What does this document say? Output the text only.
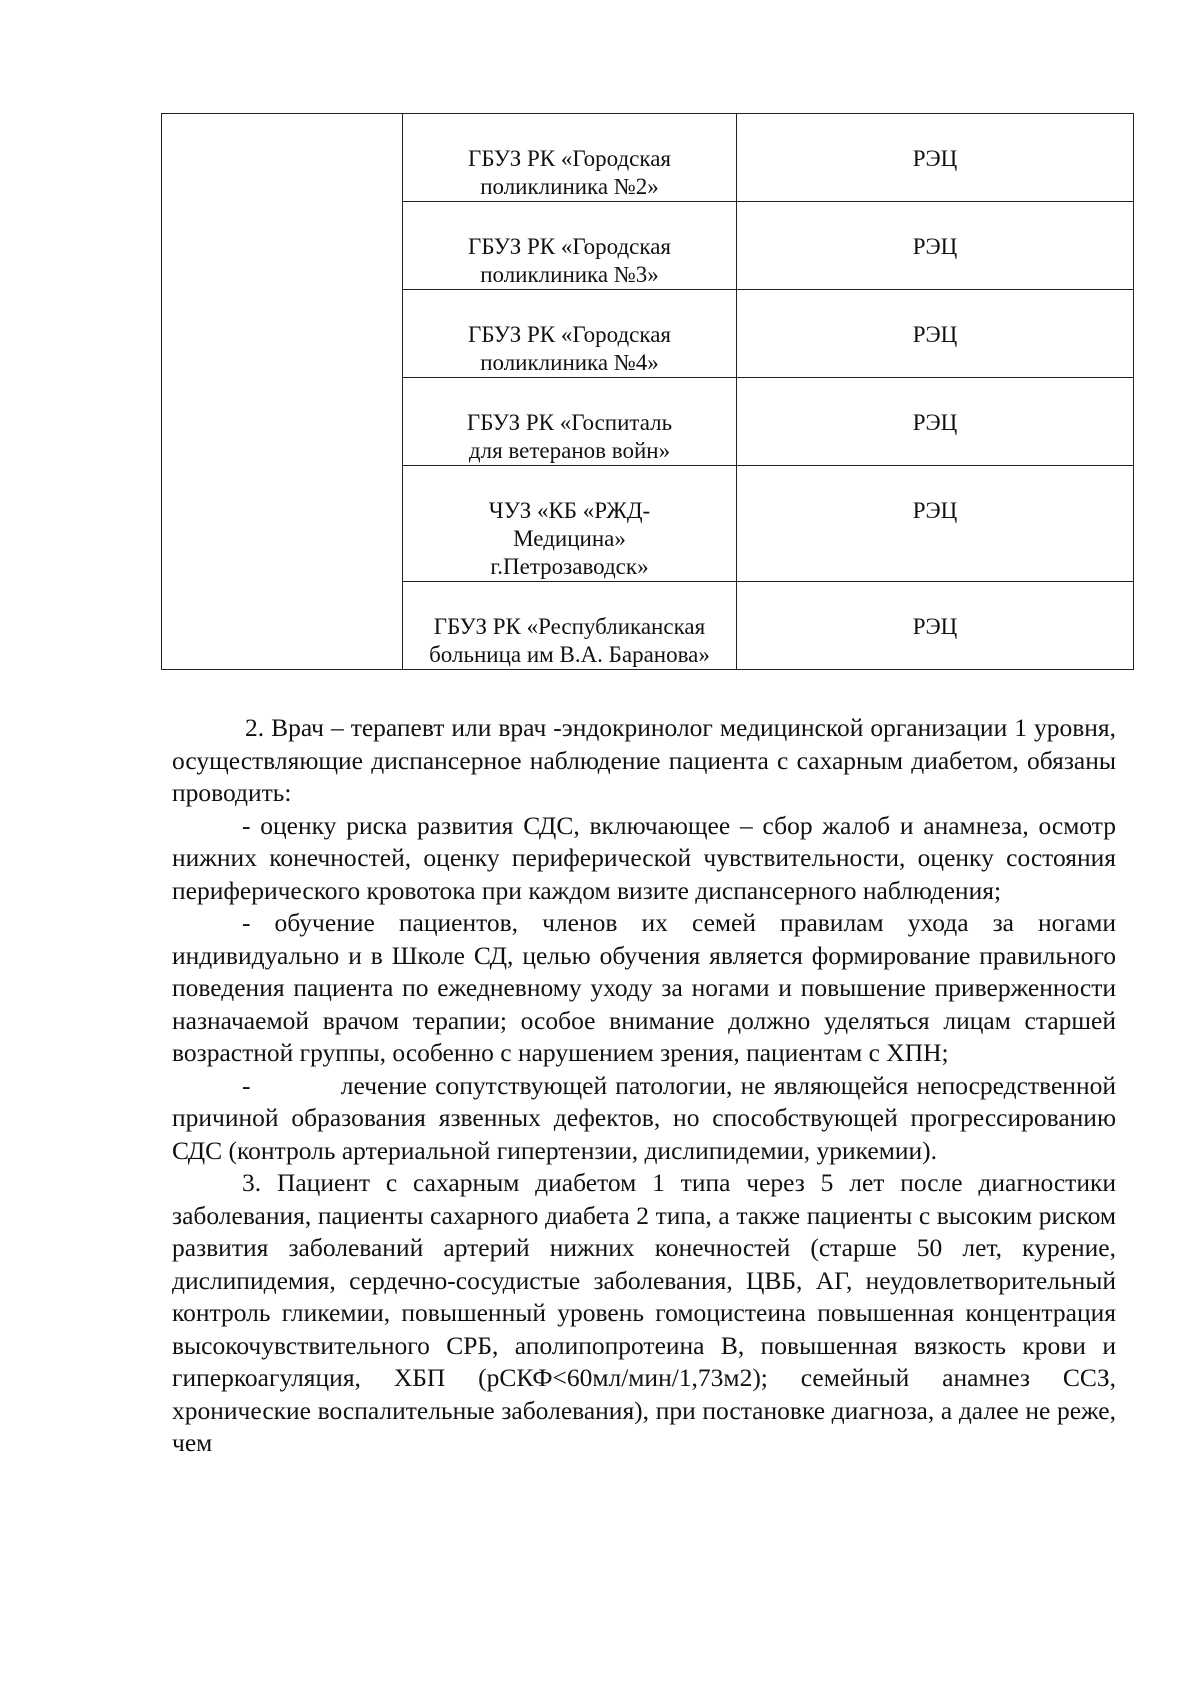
	ГБУЗ РК «Городская поликлиника №2»	РЭЦ

	ГБУЗ РК «Городская поликлиника №3»	РЭЦ

	ГБУЗ РК «Городская поликлиника №4»	РЭЦ

	ГБУЗ РК «Госпиталь для ветеранов войн»	РЭЦ

	ЧУЗ «КБ «РЖД-Медицина» г.Петрозаводск»	РЭЦ

	ГБУЗ РК «Республиканская больница им В.А. Баранова»	РЭЦ

2. Врач – терапевт или врач -эндокринолог медицинской организации 1 уровня, осуществляющие диспансерное наблюдение пациента с сахарным диабетом, обязаны проводить:

- оценку риска развития СДС, включающее – сбор жалоб и анамнеза, осмотр нижних конечностей, оценку периферической чувствительности, оценку состояния периферического кровотока при каждом визите диспансерного наблюдения;

- обучение пациентов, членов их семей правилам ухода за ногами индивидуально и в Школе СД, целью обучения является формирование правильного поведения пациента по ежедневному уходу за ногами и повышение приверженности назначаемой врачом терапии; особое внимание должно уделяться лицам старшей возрастной группы, особенно с нарушением зрения, пациентам с ХПН;

-           лечение сопутствующей патологии, не являющейся непосредственной причиной образования язвенных дефектов, но способствующей прогрессированию СДС (контроль артериальной гипертензии, дислипидемии, урикемии).

3. Пациент с сахарным диабетом 1 типа через 5 лет после диагностики заболевания, пациенты сахарного диабета 2 типа, а также пациенты с высоким риском развития заболеваний артерий нижних конечностей (старше 50 лет, курение, дислипидемия, сердечно-сосудистые заболевания, ЦВБ, АГ, неудовлетворительный контроль гликемии, повышенный уровень гомоцистеина повышенная концентрация высокочувствительного СРБ, аполипопротеина В, повышенная вязкость крови и гиперкоагуляция, ХБП (рСКФ<60мл/мин/1,73м2); семейный анамнез ССЗ, хронические воспалительные заболевания), при постановке диагноза, а далее не реже, чем
